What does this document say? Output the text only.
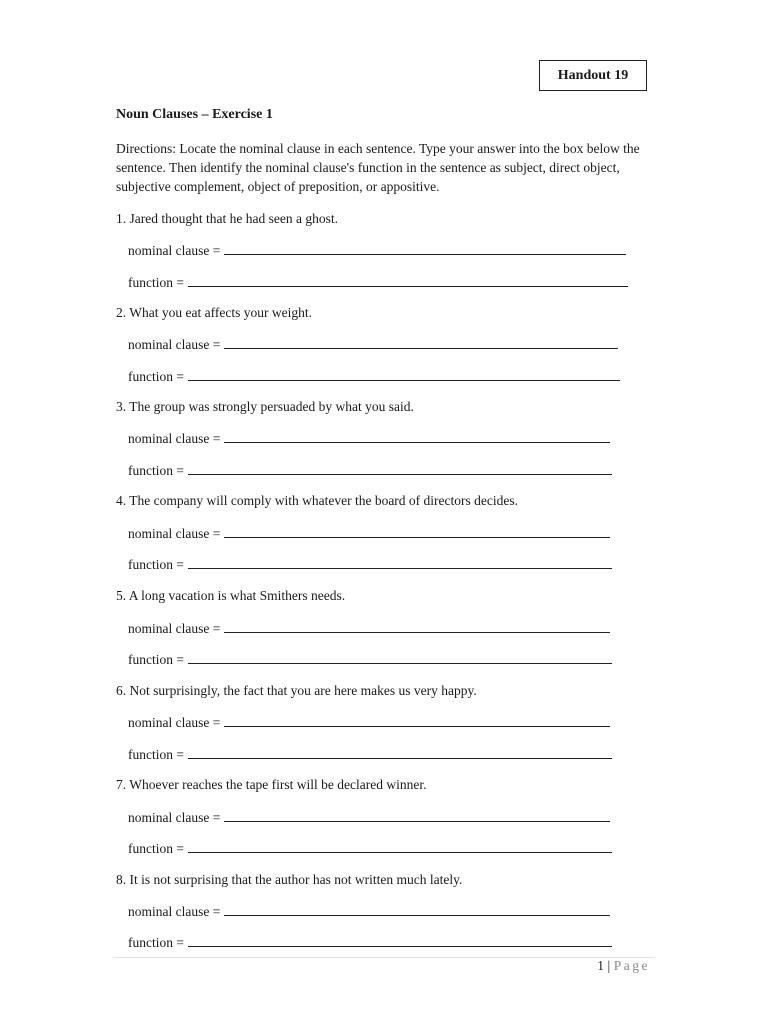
Handout 19
Noun Clauses – Exercise 1
Directions: Locate the nominal clause in each sentence. Type your answer into the box below the sentence. Then identify the nominal clause's function in the sentence as subject, direct object, subjective complement, object of preposition, or appositive.
1. Jared thought that he had seen a ghost.
nominal clause =
function =
2. What you eat affects your weight.
nominal clause =
function =
3. The group was strongly persuaded by what you said.
nominal clause =
function =
4. The company will comply with whatever the board of directors decides.
nominal clause =
function =
5. A long vacation is what Smithers needs.
nominal clause =
function =
6. Not surprisingly, the fact that you are here makes us very happy.
nominal clause =
function =
7. Whoever reaches the tape first will be declared winner.
nominal clause =
function =
8. It is not surprising that the author has not written much lately.
nominal clause =
function =
1 | Page
